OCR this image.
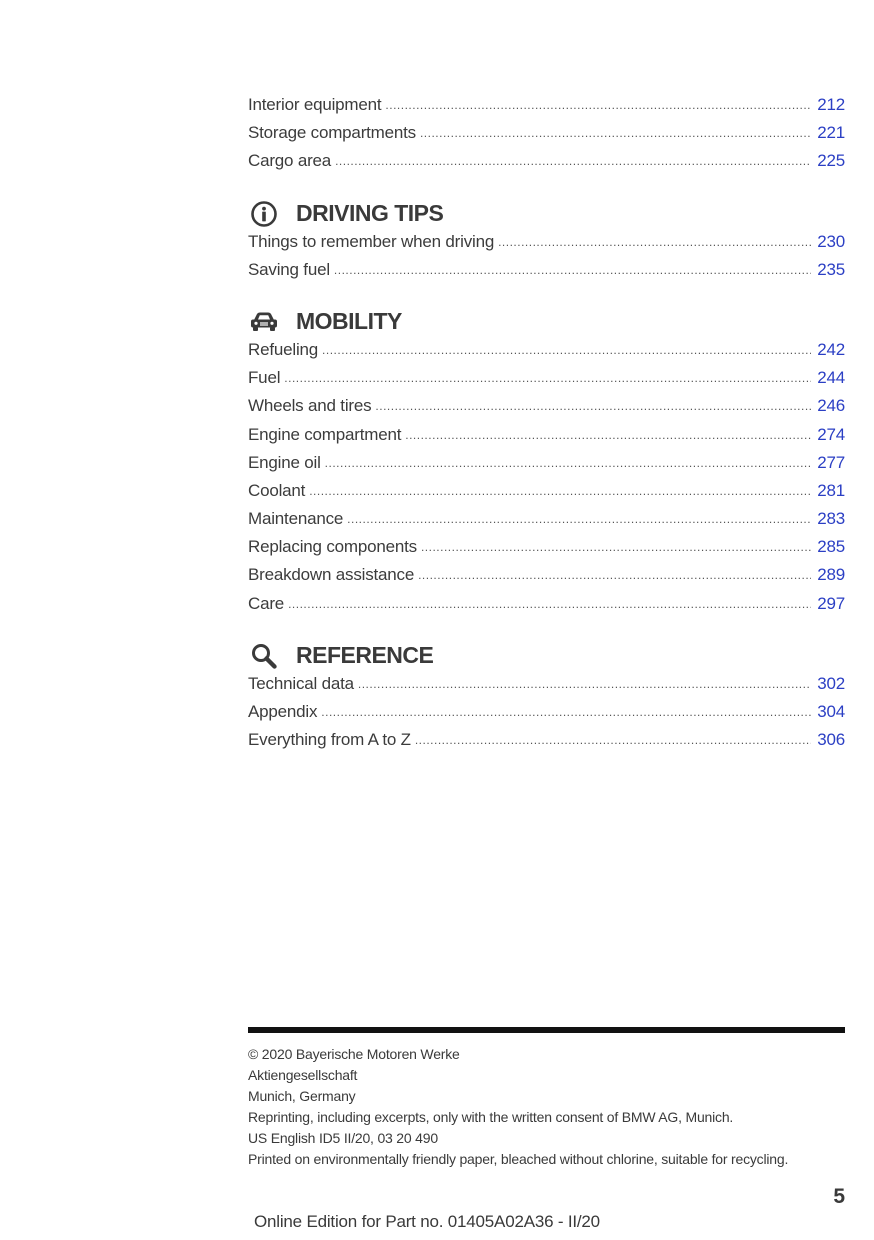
Interior equipment .....	212
Storage compartments .....	221
Cargo area .....	225
DRIVING TIPS
Things to remember when driving .....	230
Saving fuel .....	235
MOBILITY
Refueling .....	242
Fuel .....	244
Wheels and tires .....	246
Engine compartment .....	274
Engine oil .....	277
Coolant .....	281
Maintenance .....	283
Replacing components .....	285
Breakdown assistance .....	289
Care .....	297
REFERENCE
Technical data .....	302
Appendix .....	304
Everything from A to Z .....	306
© 2020 Bayerische Motoren Werke
Aktiengesellschaft
Munich, Germany
Reprinting, including excerpts, only with the written consent of BMW AG, Munich.
US English ID5 II/20, 03 20 490
Printed on environmentally friendly paper, bleached without chlorine, suitable for recycling.
5
Online Edition for Part no. 01405A02A36 - II/20
